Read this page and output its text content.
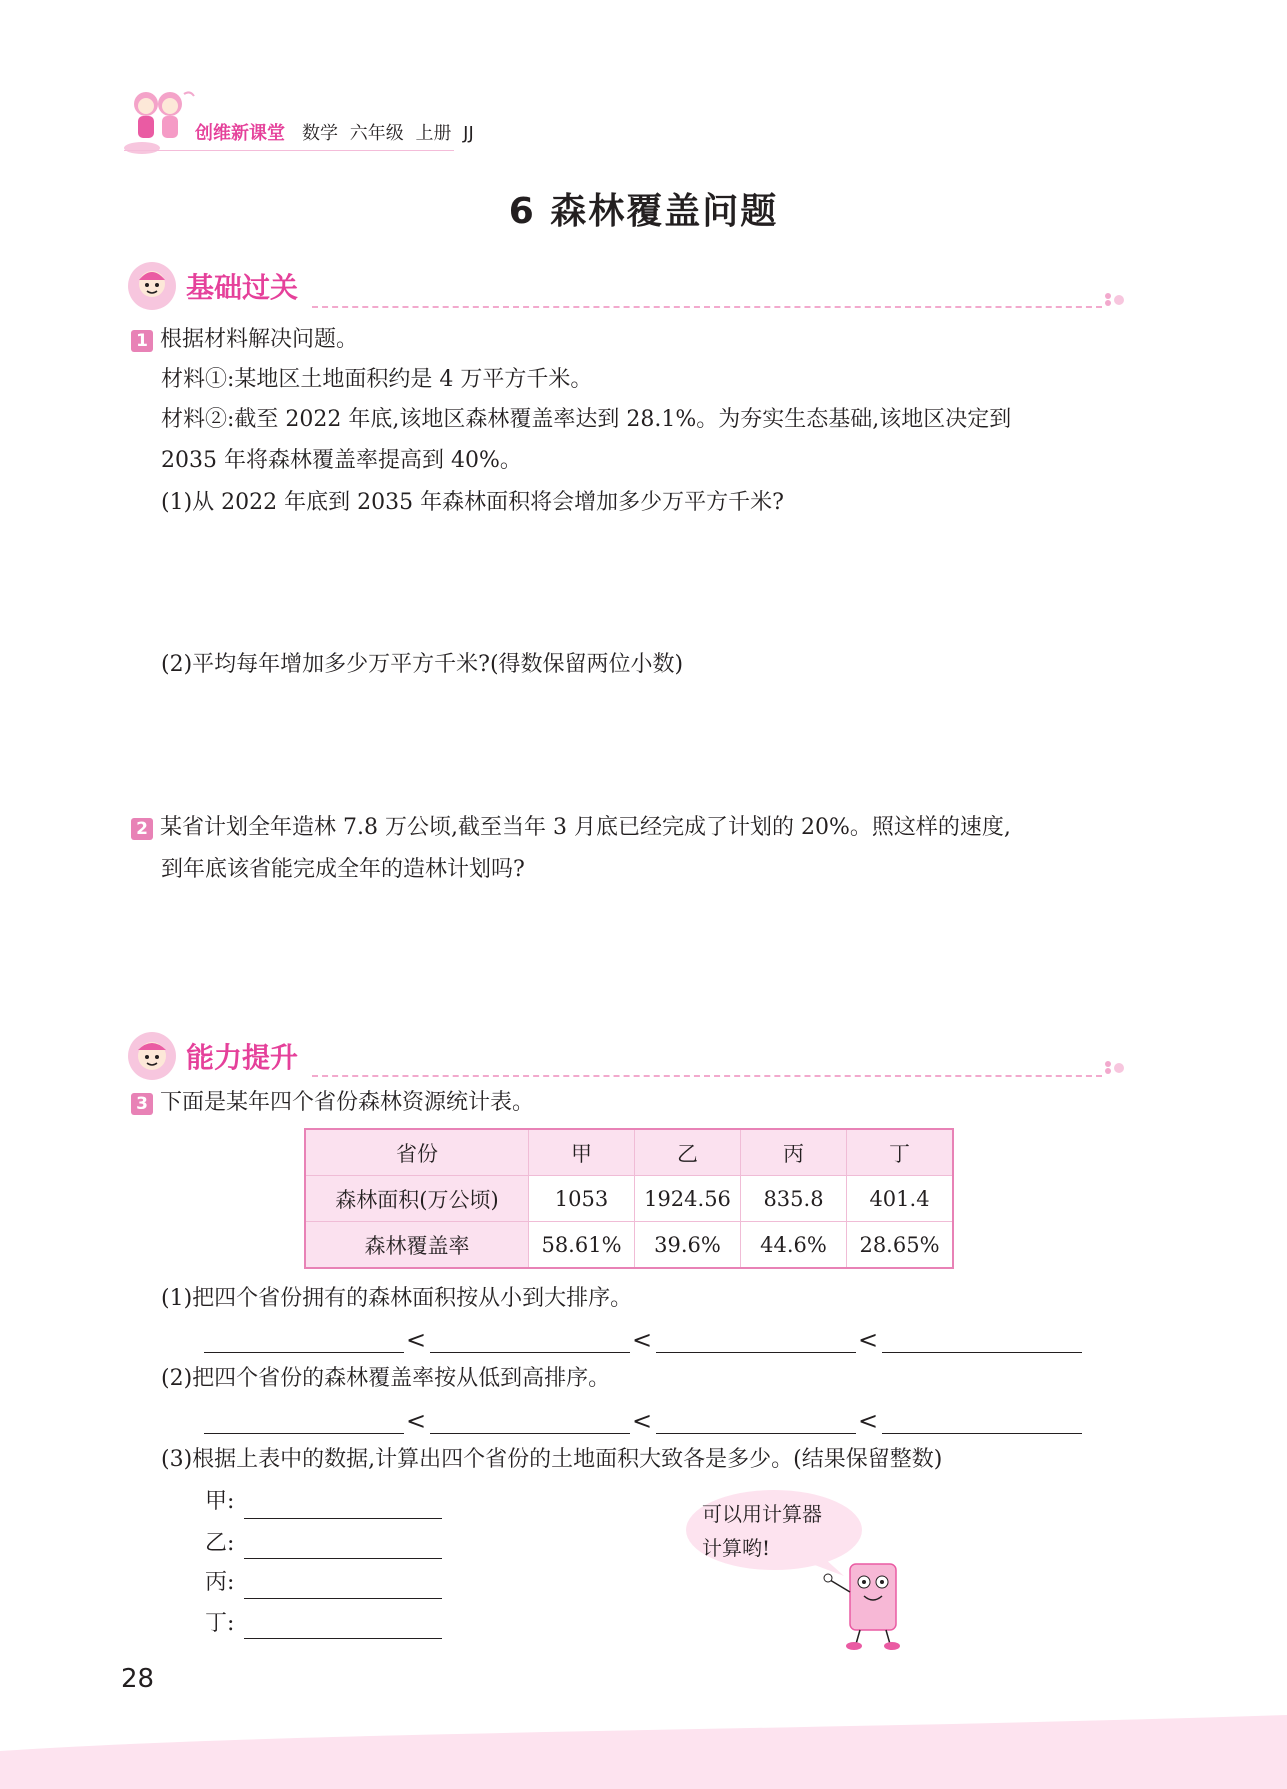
创维新课堂 数学 六年级 上册 JJ
6 森林覆盖问题
基础过关
1 根据材料解决问题。
材料①:某地区土地面积约是 4 万平方千米。
材料②:截至 2022 年底,该地区森林覆盖率达到 28.1%。为夯实生态基础,该地区决定到
2035 年将森林覆盖率提高到 40%。
(1)从 2022 年底到 2035 年森林面积将会增加多少万平方千米?
(2)平均每年增加多少万平方千米?(得数保留两位小数)
2 某省计划全年造林 7.8 万公顷,截至当年 3 月底已经完成了计划的 20%。照这样的速度,
到年底该省能完成全年的造林计划吗?
能力提升
3 下面是某年四个省份森林资源统计表。
省份	甲	乙	丙	丁
森林面积(万公顷)	1053	1924.56	835.8	401.4
森林覆盖率	58.61%	39.6%	44.6%	28.65%
(1)把四个省份拥有的森林面积按从小到大排序。
<	<	<
(2)把四个省份的森林覆盖率按从低到高排序。
<	<	<
(3)根据上表中的数据,计算出四个省份的土地面积大致各是多少。(结果保留整数)
甲:
乙:
丙:
丁:
可以用计算器
计算哟!
28
